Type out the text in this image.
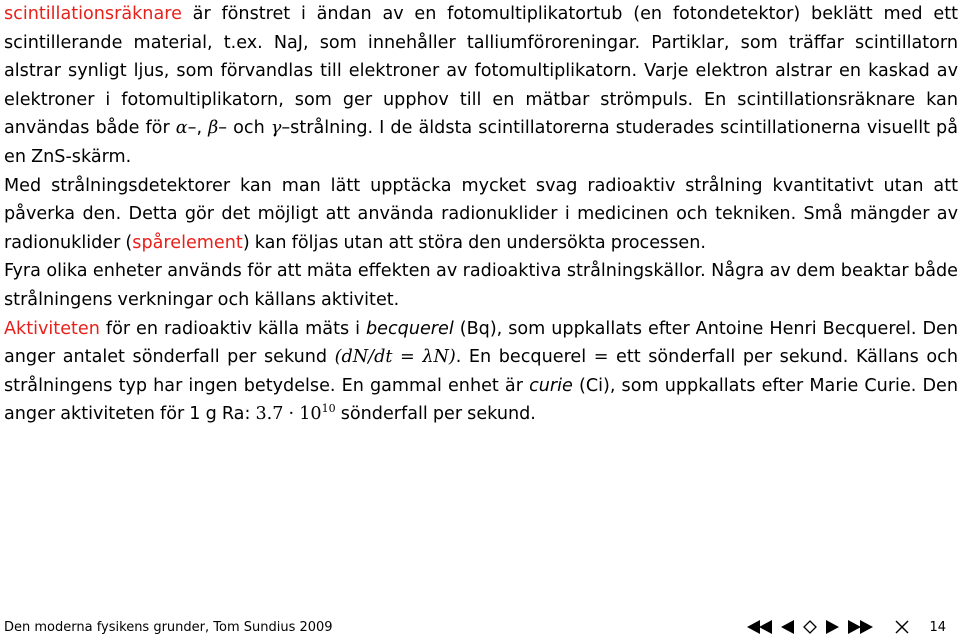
scintillationsräknare är fönstret i ändan av en fotomultiplikatortub (en fotondetektor) beklätt med ett scintillerande material, t.ex. NaJ, som innehåller talliumföroreningar. Partiklar, som träffar scintillatorn alstrar synligt ljus, som förvandlas till elektroner av fotomultiplikatorn. Varje elektron alstrar en kaskad av elektroner i fotomultiplikatorn, som ger upphov till en mätbar strömpuls. En scintillationsräknare kan användas både för α–, β– och γ–strålning. I de äldsta scintillatorerna studerades scintillationerna visuellt på en ZnS-skärm.

Med strålningsdetektorer kan man lätt upptäcka mycket svag radioaktiv strålning kvantitativt utan att påverka den. Detta gör det möjligt att använda radionuklider i medicinen och tekniken. Små mängder av radionuklider (spårelement) kan följas utan att störa den undersökta processen.

Fyra olika enheter används för att mäta effekten av radioaktiva strålningskällor. Några av dem beaktar både strålningens verkningar och källans aktivitet.

Aktiviteten för en radioaktiv källa mäts i becquerel (Bq), som uppkallats efter Antoine Henri Becquerel. Den anger antalet sönderfall per sekund (dN/dt = λN). En becquerel = ett sönderfall per sekund. Källans och strålningens typ har ingen betydelse. En gammal enhet är curie (Ci), som uppkallats efter Marie Curie. Den anger aktiviteten för 1 g Ra: $3.7 \cdot 10^{10}$ sönderfall per sekund.

Den moderna fysikens grunder, Tom Sundius 2009	14
